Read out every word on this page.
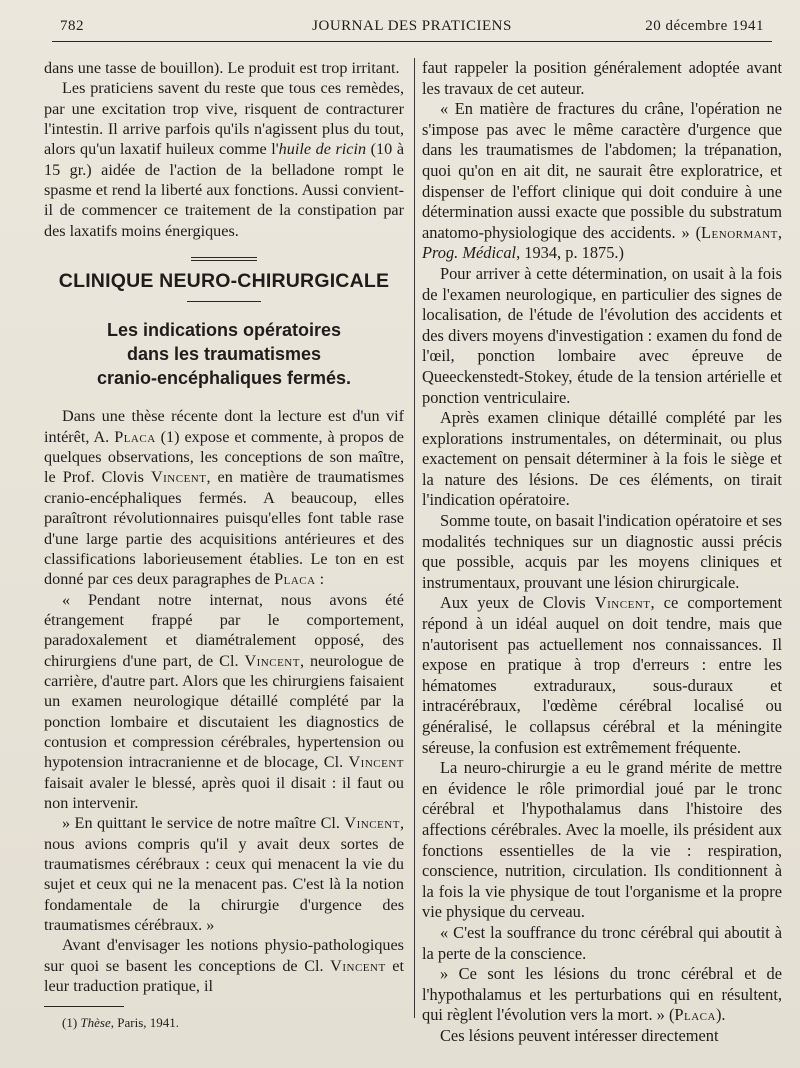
782	JOURNAL DES PRATICIENS	20 décembre 1941

dans une tasse de bouillon). Le produit est trop irritant.

Les praticiens savent du reste que tous ces remèdes, par une excitation trop vive, risquent de contracturer l'intestin. Il arrive parfois qu'ils n'agissent plus du tout, alors qu'un laxatif huileux comme l'huile de ricin (10 à 15 gr.) aidée de l'action de la belladone rompt le spasme et rend la liberté aux fonctions. Aussi convient-il de commencer ce traitement de la constipation par des laxatifs moins énergiques.

CLINIQUE NEURO-CHIRURGICALE
Les indications opératoires
dans les traumatismes
cranio-encéphaliques fermés.

Dans une thèse récente dont la lecture est d'un vif intérêt, A. Placa (1) expose et commente, à propos de quelques observations, les conceptions de son maître, le Prof. Clovis Vincent, en matière de traumatismes cranio-encéphaliques fermés. A beaucoup, elles paraîtront révolutionnaires puisqu'elles font table rase d'une large partie des acquisitions antérieures et des classifications laborieusement établies. Le ton en est donné par ces deux paragraphes de Placa :

« Pendant notre internat, nous avons été étrangement frappé par le comportement, paradoxalement et diamétralement opposé, des chirurgiens d'une part, de Cl. Vincent, neurologue de carrière, d'autre part. Alors que les chirurgiens faisaient un examen neurologique détaillé complété par la ponction lombaire et discutaient les diagnostics de contusion et compression cérébrales, hypertension ou hypotension intracranienne et de blocage, Cl. Vincent faisait avaler le blessé, après quoi il disait : il faut ou non intervenir.

» En quittant le service de notre maître Cl. Vincent, nous avions compris qu'il y avait deux sortes de traumatismes cérébraux : ceux qui menacent la vie du sujet et ceux qui ne la menacent pas. C'est là la notion fondamentale de la chirurgie d'urgence des traumatismes cérébraux. »

Avant d'envisager les notions physio-pathologiques sur quoi se basent les conceptions de Cl. Vincent et leur traduction pratique, il

(1) Thèse, Paris, 1941.

faut rappeler la position généralement adoptée avant les travaux de cet auteur.

« En matière de fractures du crâne, l'opération ne s'impose pas avec le même caractère d'urgence que dans les traumatismes de l'abdomen; la trépanation, quoi qu'on en ait dit, ne saurait être exploratrice, et dispenser de l'effort clinique qui doit conduire à une détermination aussi exacte que possible du substratum anatomo-physiologique des accidents. » (Lenormant, Prog. Médical, 1934, p. 1875.)

Pour arriver à cette détermination, on usait à la fois de l'examen neurologique, en particulier des signes de localisation, de l'étude de l'évolution des accidents et des divers moyens d'investigation : examen du fond de l'œil, ponction lombaire avec épreuve de Queeckenstedt-Stokey, étude de la tension artérielle et ponction ventriculaire.

Après examen clinique détaillé complété par les explorations instrumentales, on déterminait, ou plus exactement on pensait déterminer à la fois le siège et la nature des lésions. De ces éléments, on tirait l'indication opératoire.

Somme toute, on basait l'indication opératoire et ses modalités techniques sur un diagnostic aussi précis que possible, acquis par les moyens cliniques et instrumentaux, prouvant une lésion chirurgicale.

Aux yeux de Clovis Vincent, ce comportement répond à un idéal auquel on doit tendre, mais que n'autorisent pas actuellement nos connaissances. Il expose en pratique à trop d'erreurs : entre les hématomes extraduraux, sous-duraux et intracérébraux, l'œdème cérébral localisé ou généralisé, le collapsus cérébral et la méningite séreuse, la confusion est extrêmement fréquente.

La neuro-chirurgie a eu le grand mérite de mettre en évidence le rôle primordial joué par le tronc cérébral et l'hypothalamus dans l'histoire des affections cérébrales. Avec la moelle, ils président aux fonctions essentielles de la vie : respiration, conscience, nutrition, circulation. Ils conditionnent à la fois la vie physique de tout l'organisme et la propre vie physique du cerveau.

« C'est la souffrance du tronc cérébral qui aboutit à la perte de la conscience.

» Ce sont les lésions du tronc cérébral et de l'hypothalamus et les perturbations qui en résultent, qui règlent l'évolution vers la mort. » (Placa).

Ces lésions peuvent intéresser directement
